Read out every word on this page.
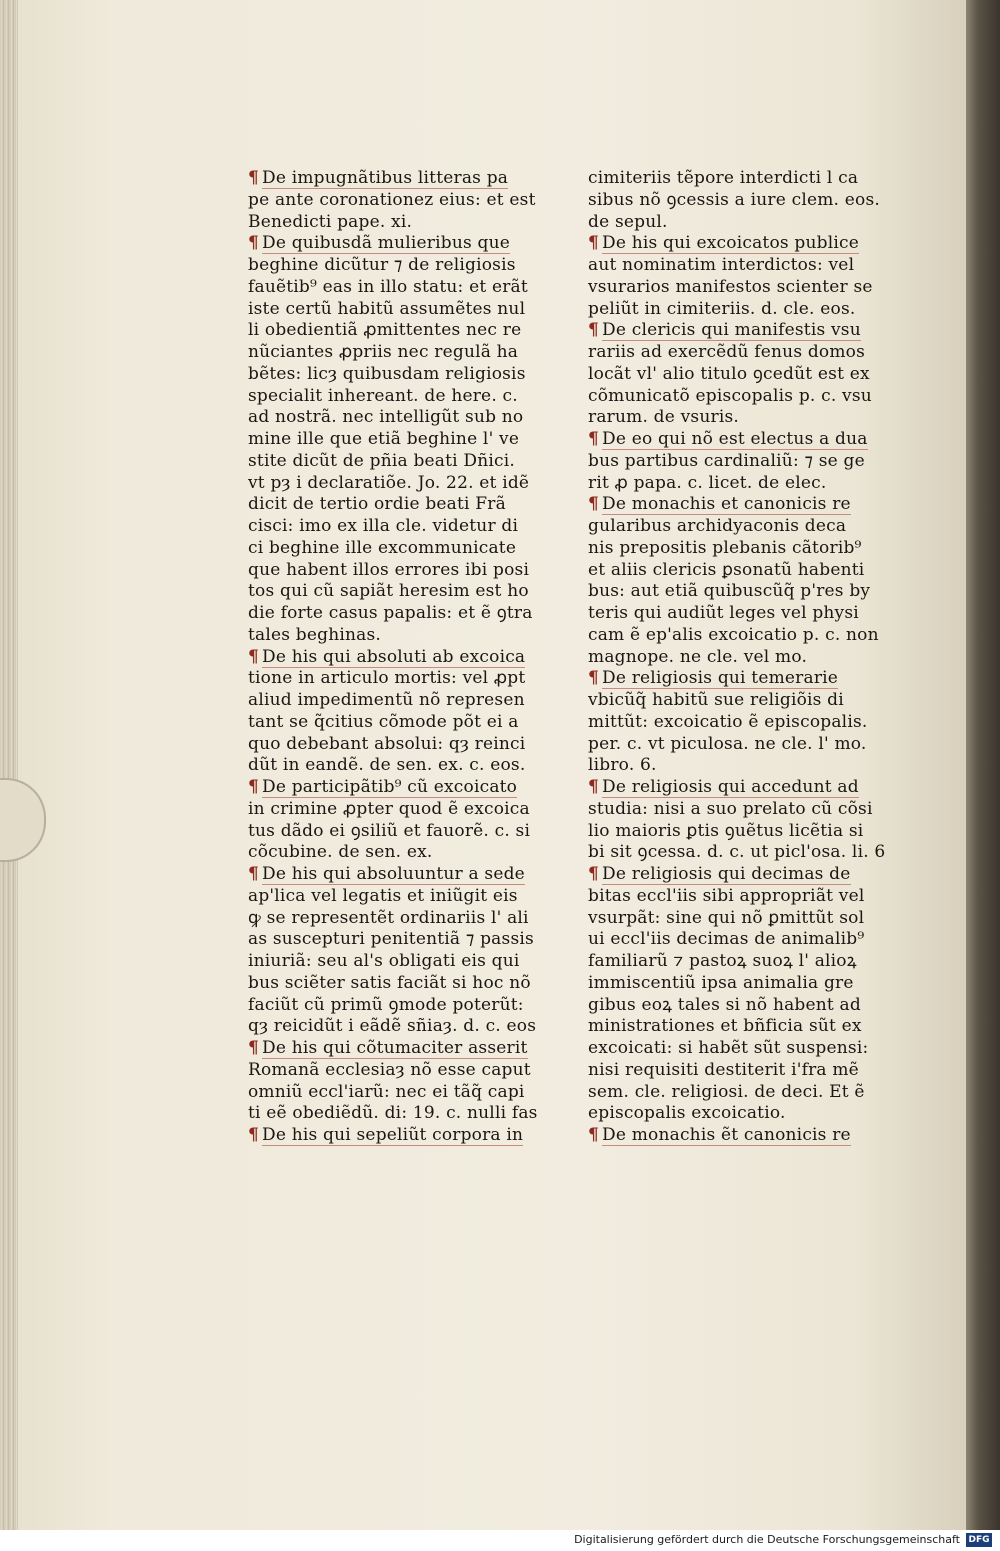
¶ De impugnãtibus litteras pa
pe ante coronationez eius: et est
Benedicti pape. xi.
¶ De quibusdã mulieribus que
beghine dicũtur ⁊ de religiosis
fauẽtib⁹ eas in illo statu: et erãt
iste certũ habitũ assumẽtes nul
li obedientiã ꝓmittentes nec re
nũciantes ꝓpriis nec regulã ha
bẽtes: licȝ quibusdam religiosis
specialit inhereant. de here. c.
ad nostrã. nec intelligũt sub no
mine ille que etiã beghine l' ve
stite dicũt de pñia beati Dñici.
vt pȝ i declaratiõe. Jo. 22. et idẽ
dicit de tertio ordie beati Frã
cisci: imo ex illa cle. videtur di
ci beghine ille excommunicate
que habent illos errores ibi posi
tos qui cũ sapiãt heresim est ho
die forte casus papalis: et ẽ ꝯtra
tales beghinas.
¶ De his qui absoluti ab excoica
tione in articulo mortis: vel ꝓpt
aliud impedimentũ nõ represen
tant se q̃citius cõmode põt ei a
quo debebant absolui: qȝ reinci
dũt in eandẽ. de sen. ex. c. eos.
¶ De participãtib⁹ cũ excoicato
in crimine ꝓpter quod ẽ excoica
tus dãdo ei ꝯsiliũ et fauorẽ. c. si
cõcubine. de sen. ex.
¶ De his qui absoluuntur a sede
ap'lica vel legatis et iniũgit eis
ꝙ se representẽt ordinariis l' ali
as suscepturi penitentiã ⁊ passis
iniuriã: seu al's obligati eis qui
bus sciẽter satis faciãt si hoc nõ
faciũt cũ primũ ꝯmode poterũt:
qȝ reicidũt i eãdẽ sñiaȝ. d. c. eos
¶ De his qui cõtumaciter asserit
Romanã ecclesiaȝ nõ esse caput
omniũ eccl'iarũ: nec ei tãq̃ capi
ti eẽ obediẽdũ. di: 19. c. nulli fas
¶ De his qui sepeliũt corpora in
cimiteriis tẽpore interdicti l ca
sibus nõ ꝯcessis a iure clem. eos.
de sepul.
¶ De his qui excoicatos publice
aut nominatim interdictos: vel
vsurarios manifestos scienter se
peliũt in cimiteriis. d. cle. eos.
¶ De clericis qui manifestis vsu
rariis ad exercẽdũ fenus domos
locãt vl' alio titulo ꝯcedũt est ex
cõmunicatõ episcopalis p. c. vsu
rarum. de vsuris.
¶ De eo qui nõ est electus a dua
bus partibus cardinaliũ: ⁊ se ge
rit ꝓ papa. c. licet. de elec.
¶ De monachis et canonicis re
gularibus archidyaconis deca
nis prepositis plebanis cãtorib⁹
et aliis clericis ꝑsonatũ habenti
bus: aut etiã quibuscũq̃ p'res by
teris qui audiũt leges vel physi
cam ẽ ep'alis excoicatio p. c. non
magnope. ne cle. vel mo.
¶ De religiosis qui temerarie
vbicũq̃ habitũ sue religiõis di
mittũt: excoicatio ẽ episcopalis.
per. c. vt piculosa. ne cle. l' mo.
libro. 6.
¶ De religiosis qui accedunt ad
studia: nisi a suo prelato cũ cõsi
lio maioris ꝑtis ꝯuẽtus licẽtia si
bi sit ꝯcessa. d. c. ut picl'osa. li. 6
¶ De religiosis qui decimas de
bitas eccl'iis sibi appropriãt vel
vsurpãt: sine qui nõ ꝑmittũt sol
ui eccl'iis decimas de animalib⁹
familiarũ ⁊ pastoꝝ suoꝝ l' alioꝝ
immiscentiũ ipsa animalia gre
gibus eoꝝ tales si nõ habent ad
ministrationes et bñficia sũt ex
excoicati: si habẽt sũt suspensi:
nisi requisiti destiterit i'fra mẽ
sem. cle. religiosi. de deci. Et ẽ
episcopalis excoicatio.
¶ De monachis ẽt canonicis re
Digitalisierung gefördert durch die Deutsche Forschungsgemeinschaft DFG
